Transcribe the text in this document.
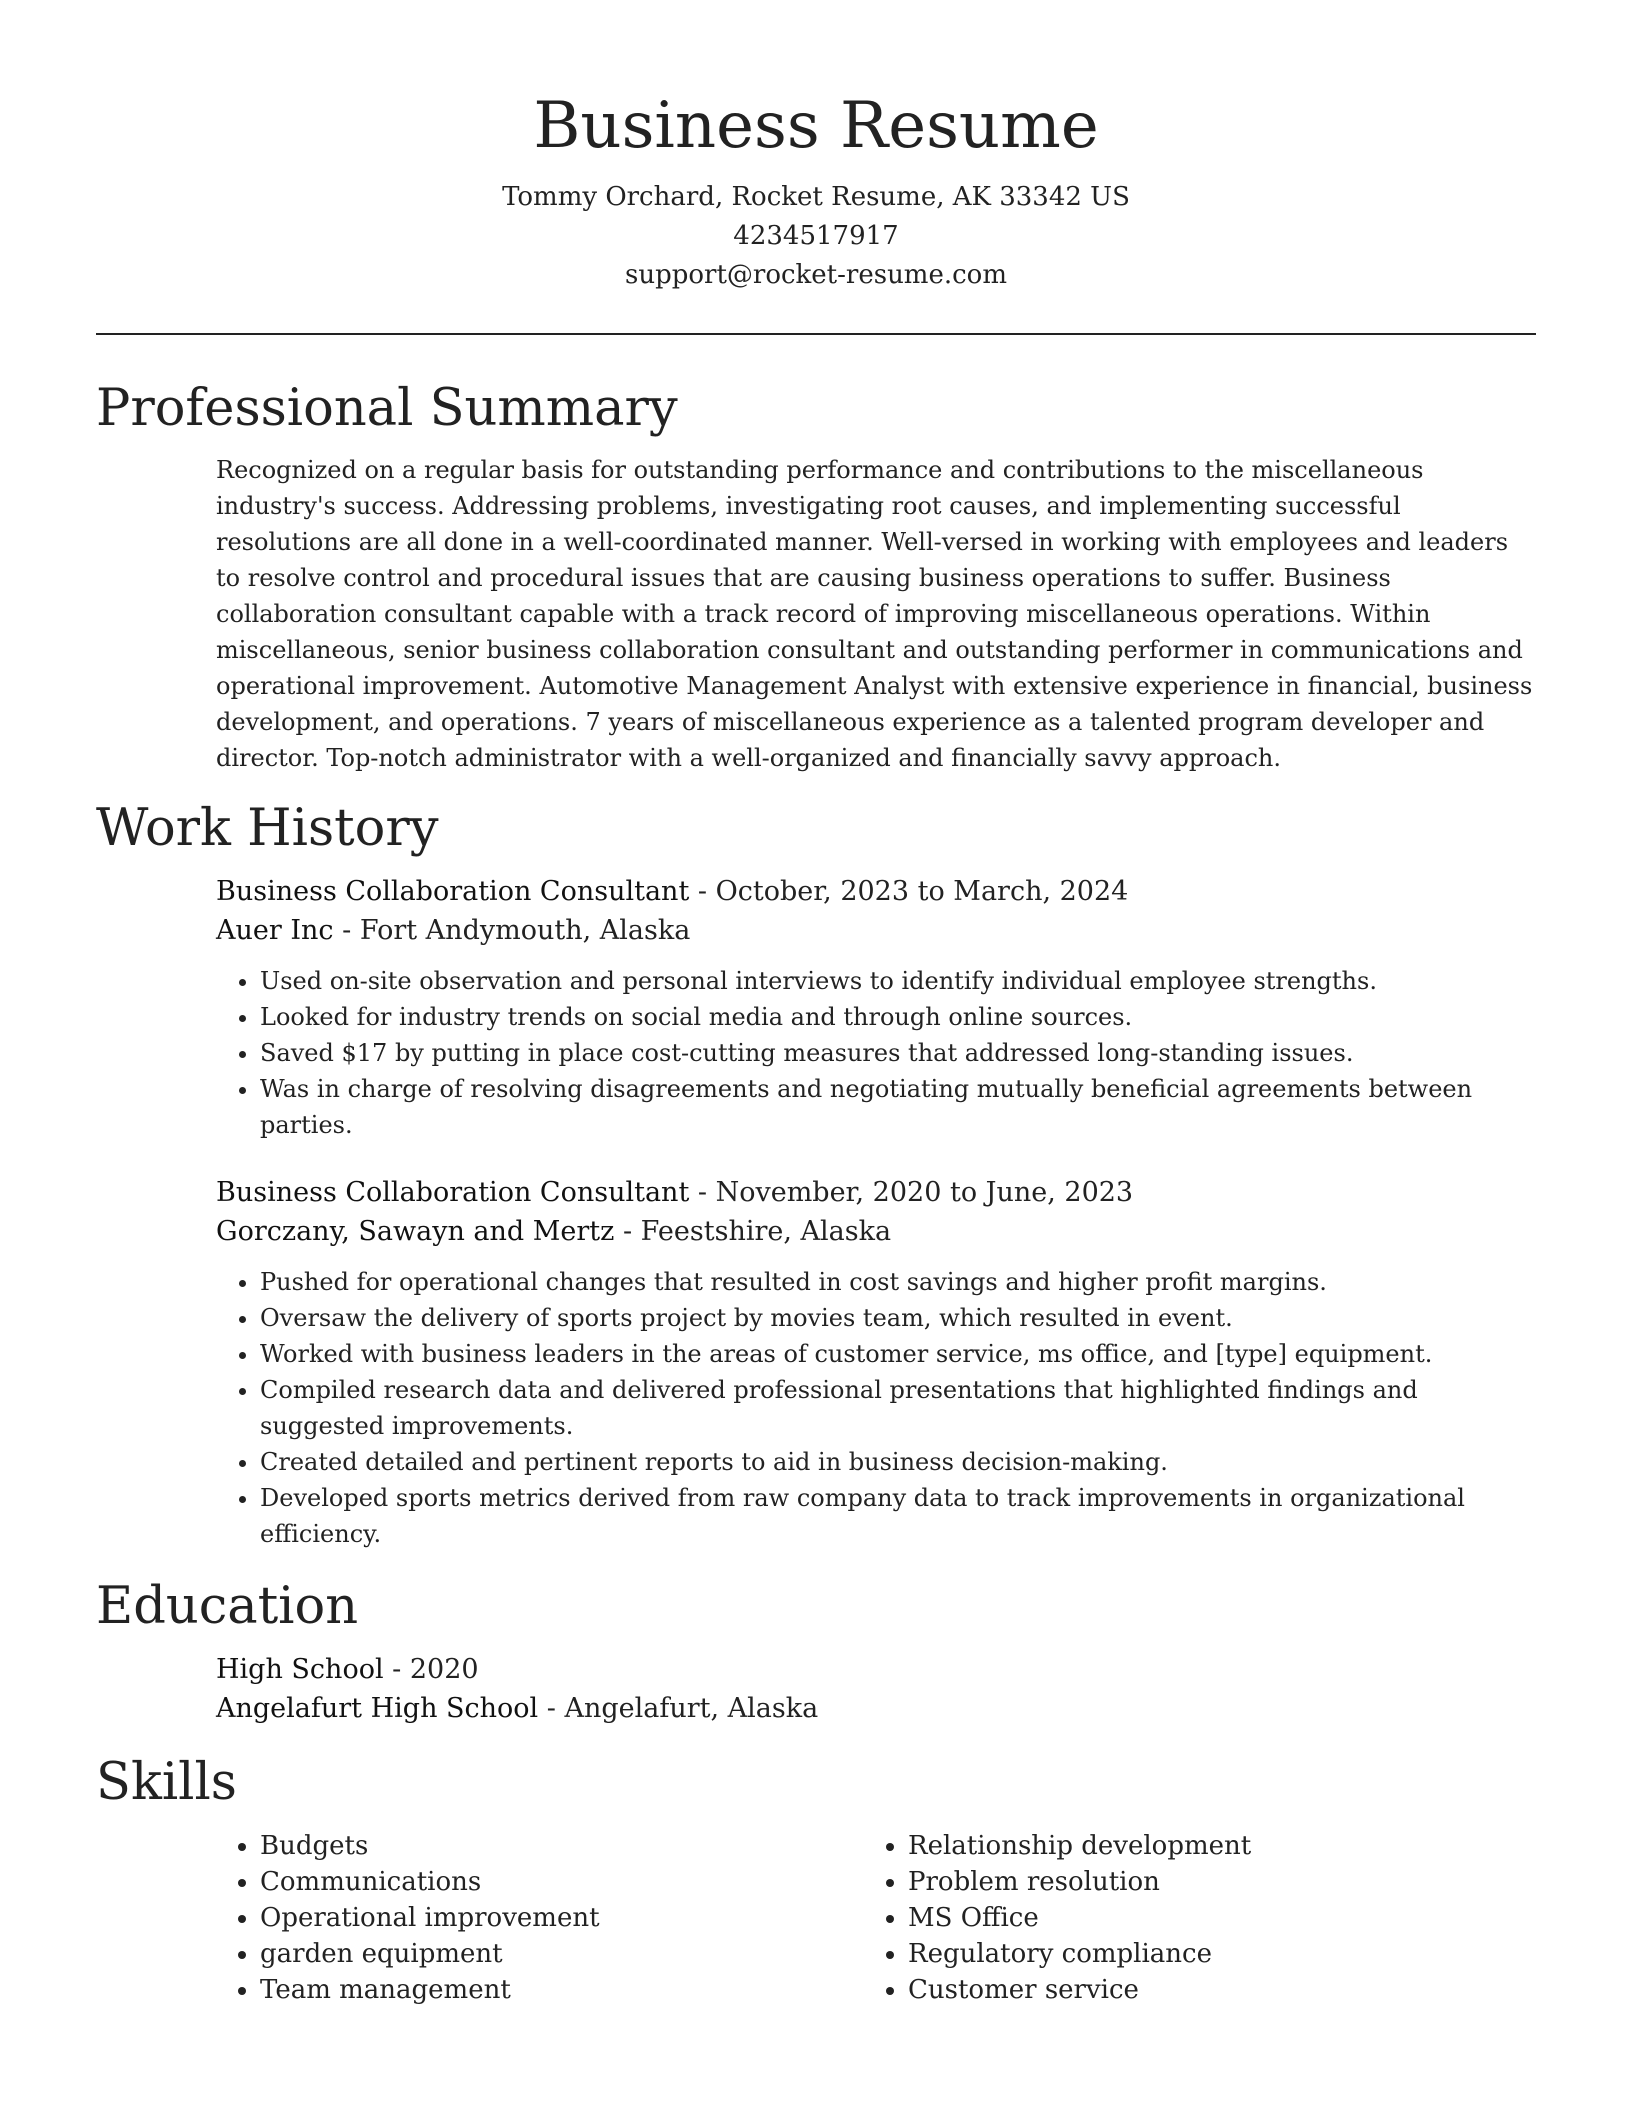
Business Resume

Tommy Orchard, Rocket Resume, AK 33342 US

4234517917

support@rocket-resume.com

Professional Summary

Recognized on a regular basis for outstanding performance and contributions to the miscellaneous industry's success. Addressing problems, investigating root causes, and implementing successful resolutions are all done in a well-coordinated manner. Well-versed in working with employees and leaders to resolve control and procedural issues that are causing business operations to suffer. Business collaboration consultant capable with a track record of improving miscellaneous operations. Within miscellaneous, senior business collaboration consultant and outstanding performer in communications and operational improvement. Automotive Management Analyst with extensive experience in financial, business development, and operations. 7 years of miscellaneous experience as a talented program developer and director. Top-notch administrator with a well-organized and financially savvy approach.

Work History

Business Collaboration Consultant - October, 2023 to March, 2024

Auer Inc - Fort Andymouth, Alaska

• Used on-site observation and personal interviews to identify individual employee strengths.
• Looked for industry trends on social media and through online sources.
• Saved $17 by putting in place cost-cutting measures that addressed long-standing issues.
• Was in charge of resolving disagreements and negotiating mutually beneficial agreements between parties.

Business Collaboration Consultant - November, 2020 to June, 2023

Gorczany, Sawayn and Mertz - Feestshire, Alaska

• Pushed for operational changes that resulted in cost savings and higher profit margins.
• Oversaw the delivery of sports project by movies team, which resulted in event.
• Worked with business leaders in the areas of customer service, ms office, and [type] equipment.
• Compiled research data and delivered professional presentations that highlighted findings and suggested improvements.
• Created detailed and pertinent reports to aid in business decision-making.
• Developed sports metrics derived from raw company data to track improvements in organizational efficiency.
Education

High School - 2020

Angelafurt High School - Angelafurt, Alaska

Skills
• Budgets
• Communications
• Operational improvement
• garden equipment
• Team management
• Relationship development
• Problem resolution
• MS Office
• Regulatory compliance
• Customer service
